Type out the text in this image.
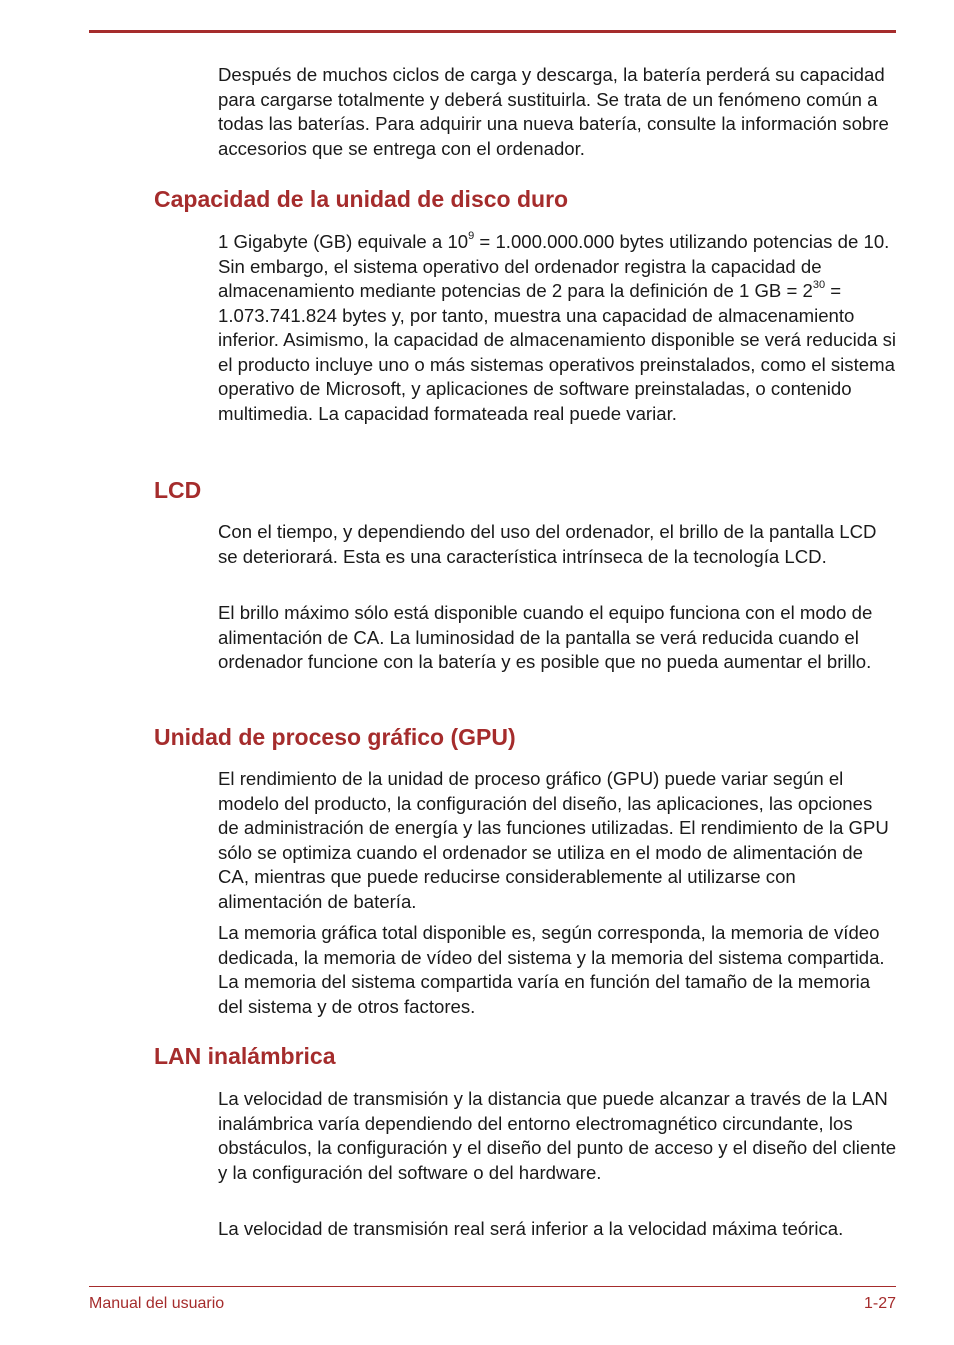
Después de muchos ciclos de carga y descarga, la batería perderá su capacidad para cargarse totalmente y deberá sustituirla. Se trata de un fenómeno común a todas las baterías. Para adquirir una nueva batería, consulte la información sobre accesorios que se entrega con el ordenador.

Capacidad de la unidad de disco duro

1 Gigabyte (GB) equivale a $10^9 = 1.000.000.000$ bytes utilizando potencias de 10. Sin embargo, el sistema operativo del ordenador registra la capacidad de almacenamiento mediante potencias de 2 para la definición de 1 GB = $2^{30} = 1.073.741.824$ bytes y, por tanto, muestra una capacidad de almacenamiento inferior. Asimismo, la capacidad de almacenamiento disponible se verá reducida si el producto incluye uno o más sistemas operativos preinstalados, como el sistema operativo de Microsoft, y aplicaciones de software preinstaladas, o contenido multimedia. La capacidad formateada real puede variar.

LCD

Con el tiempo, y dependiendo del uso del ordenador, el brillo de la pantalla LCD se deteriorará. Esta es una característica intrínseca de la tecnología LCD.

El brillo máximo sólo está disponible cuando el equipo funciona con el modo de alimentación de CA. La luminosidad de la pantalla se verá reducida cuando el ordenador funcione con la batería y es posible que no pueda aumentar el brillo.

Unidad de proceso gráfico (GPU)

El rendimiento de la unidad de proceso gráfico (GPU) puede variar según el modelo del producto, la configuración del diseño, las aplicaciones, las opciones de administración de energía y las funciones utilizadas. El rendimiento de la GPU sólo se optimiza cuando el ordenador se utiliza en el modo de alimentación de CA, mientras que puede reducirse considerablemente al utilizarse con alimentación de batería.

La memoria gráfica total disponible es, según corresponda, la memoria de vídeo dedicada, la memoria de vídeo del sistema y la memoria del sistema compartida. La memoria del sistema compartida varía en función del tamaño de la memoria del sistema y de otros factores.

LAN inalámbrica

La velocidad de transmisión y la distancia que puede alcanzar a través de la LAN inalámbrica varía dependiendo del entorno electromagnético circundante, los obstáculos, la configuración y el diseño del punto de acceso y el diseño del cliente y la configuración del software o del hardware.

La velocidad de transmisión real será inferior a la velocidad máxima teórica.

Manual del usuario	1-27
